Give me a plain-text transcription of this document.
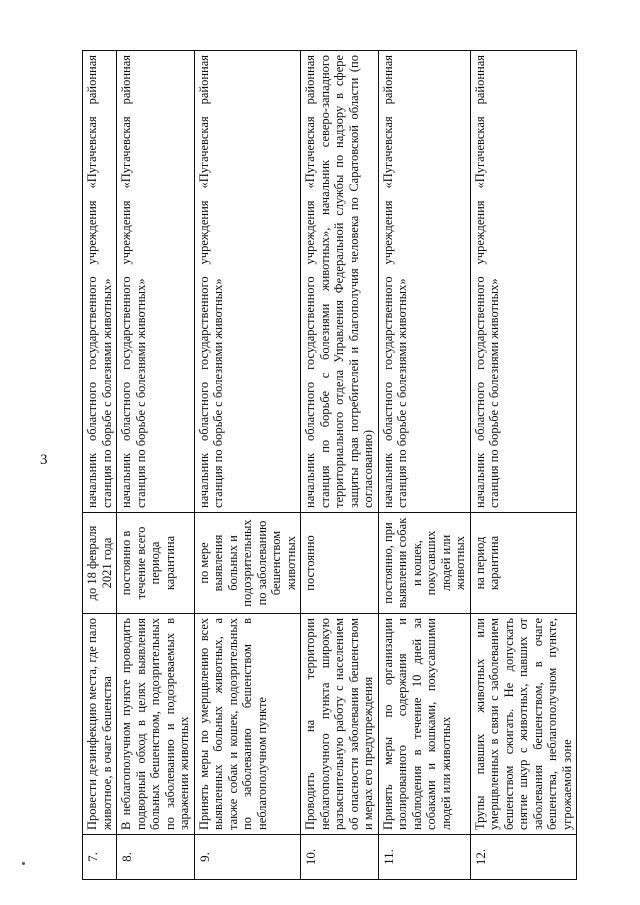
3
7.	Провести дезинфекцию места, где пало животное, в очаге бешенства	до 18 февраля 2021 года	начальник областного государственного учреждения «Пугачевская районная станция по борьбе с болезнями животных»
8.	В неблагополучном пункте проводить подворный обход в целях выявления больных бешенством, подозрительных по заболеванию и подозреваемых в заражении животных	постоянно в течение всего периода карантина	начальник областного государственного учреждения «Пугачевская районная станция по борьбе с болезнями животных»
9.	Принять меры по умерщвлению всех выявленных больных животных, а также собак и кошек, подозрительных по заболеванию бешенством в неблагополучном пункте	по мере выявления больных и подозрительных по заболеванию бешенством животных	начальник областного государственного учреждения «Пугачевская районная станция по борьбе с болезнями животных»
10.	Проводить на территории неблагополучного пункта широкую разъяснительную работу с населением об опасности заболевания бешенством и мерах его предупреждения	постоянно	начальник областного государственного учреждения «Пугачевская районная станция по борьбе с болезнями животных», начальник северо-западного территориального отдела Управления Федеральной службы по надзору в сфере защиты прав потребителей и благополучия человека по Саратовской области (по согласованию)
11.	Принять меры по организации изолированного содержания и наблюдения в течение 10 дней за собаками и кошками, покусавшими людей или животных	постоянно, при выявлении собак и кошек, покусавших людей или животных	начальник областного государственного учреждения «Пугачевская районная станция по борьбе с болезнями животных»
12.	Трупы павших животных или умерщвленных в связи с заболеванием бешенством сжигать. Не допускать снятие шкур с животных, павших от заболевания бешенством, в очаге бешенства, неблагополучном пункте, угрожаемой зоне	на период карантина	начальник областного государственного учреждения «Пугачевская районная станция по борьбе с болезнями животных»
